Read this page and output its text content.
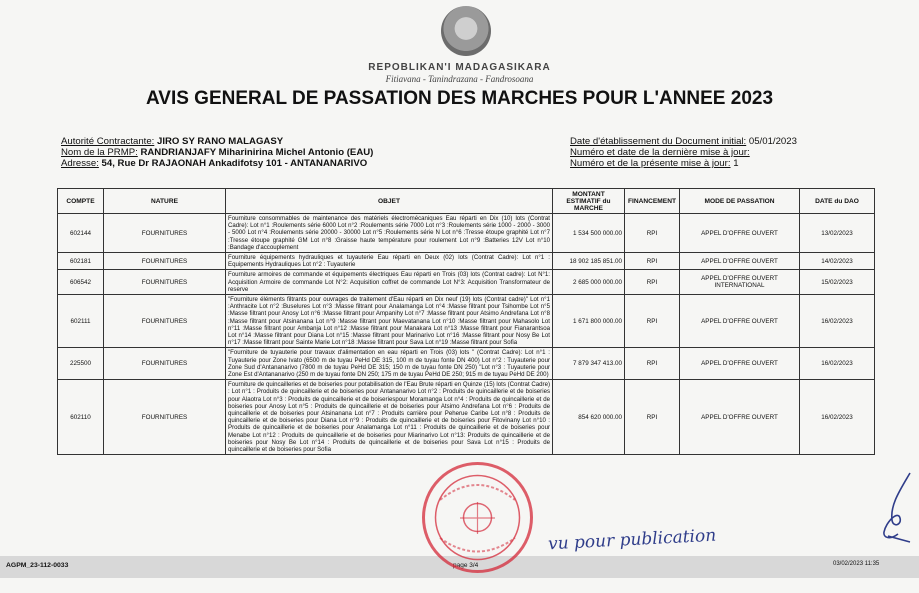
REPOBLIKAN'I MADAGASIKARA
Fitiavana - Tanindrazana - Fandrosoana
AVIS GENERAL DE PASSATION DES MARCHES POUR L'ANNEE 2023
Autorité Contractante: JIRO SY RANO MALAGASY
Nom de la PRMP: RANDRIANJAFY Miharinirina Michel Antonio (EAU)
Adresse: 54, Rue Dr RAJAONAH Ankadifotsy 101 - ANTANANARIVO
Date d'établissement du Document initial: 05/01/2023
Numéro et date de la dernière mise à jour:
Numéro et de la présente mise à jour: 1
COMPTE	NATURE	OBJET	MONTANT ESTIMATIF du MARCHE	FINANCEMENT	MODE DE PASSATION	DATE du DAO
602144	FOURNITURES	Fourniture consommables de maintenance des matériels électromécaniques Eau réparti en Dix (10) lots (Contrat Cadre): Lot n°1 :Roulements série 6000 Lot n°2 :Roulements série 7000 Lot n°3 :Roulements série 1000 - 2000 - 3000 - 5000 Lot n°4 :Roulements série 20000 - 30000 Lot n°5 :Roulements série N Lot n°6 :Tresse étoupe graphité Lot n°7 :Tresse étoupe graphité GM Lot n°8 :Graisse haute température pour roulement Lot n°9 :Batteries 12V Lot n°10 :Bandage d'accouplement	1 534 500 000.00	RPI	APPEL D'OFFRE OUVERT	13/02/2023
602181	FOURNITURES	Fourniture équipements hydrauliques et tuyauterie Eau réparti en Deux (02) lots (Contrat Cadre): Lot n°1 : Equipements Hydrauliques Lot n°2 : Tuyauterie	18 902 185 851.00	RPI	APPEL D'OFFRE OUVERT	14/02/2023
606542	FOURNITURES	Fourniture armoires de commande et équipements électriques Eau réparti en Trois (03) lots (Contrat cadre): Lot N°1: Acquisition Armoire de commande Lot N°2: Acquisition coffret de commande Lot N°3: Acquisition Transformateur de reserve	2 685 000 000.00	RPI	APPEL D'OFFRE OUVERT INTERNATIONAL	15/02/2023
602111	FOURNITURES	"Fourniture éléments filtrants pour ouvrages de traitement d'Eau réparti en Dix neuf (19) lots (Contrat cadre)" Lot n°1 :Anthracite Lot n°2 :Buselures Lot n°3 :Masse filtrant pour Analamanga Lot n°4 :Masse filtrant pour Tsihombe Lot n°5 :Masse filtrant pour Anosy Lot n°6 :Masse filtrant pour Ampanihy Lot n°7 :Masse filtrant pour Atsimo Andrefana Lot n°8 :Masse filtrant pour Atsinanana Lot n°9 :Masse filtrant pour Maevatanana Lot n°10 :Masse filtrant pour Mahasolo Lot n°11 :Masse filtrant pour Ambanja Lot n°12 :Masse filtrant pour Manakara Lot n°13 :Masse filtrant pour Fianarantsoa Lot n°14 :Masse filtrant pour Diana Lot n°15 :Masse filtrant pour Marinarivo Lot n°16 :Masse filtrant pour Nosy Be Lot n°17 :Masse filtrant pour Sainte Marie Lot n°18 :Masse filtrant pour Sava Lot n°19 :Masse filtrant pour Sofia	1 671 800 000.00	RPI	APPEL D'OFFRE OUVERT	16/02/2023
225500	FOURNITURES	"Fourniture de tuyauterie pour travaux d'alimentation en eau réparti en Trois (03) lots " (Contrat Cadre): Lot n°1 : Tuyauterie pour Zone Ivato (6500 m de tuyau PeHd DE 315, 100 m de tuyau fonte DN 400) Lot n°2 : Tuyauterie pour Zone Sud d'Antananarivo (7800 m de tuyau PeHd DE 315; 150 m de tuyau fonte DN 250) "Lot n°3 : Tuyauterie pour Zone Est d'Antananarivo (250 m de tuyau fonte DN 250; 175 m de tuyau PeHd DE 250; 915 m de tuyau PeHd DE 200)	7 879 347 413.00	RPI	APPEL D'OFFRE OUVERT	16/02/2023
602110	FOURNITURES	Fourniture de quincailleries et de boiseries pour potabilisation de l'Eau Brute réparti en Quinze (15) lots (Contrat Cadre) : Lot n°1 : Produits de quincaillerie et de boiseries pour Antananarivo Lot n°2 : Produits de quincaillerie et de boiseries pour Alaotra Lot n°3 : Produits de quincaillerie et de boiseriespour Moramanga Lot n°4 : Produits de quincaillerie et de boiseries pour Anosy Lot n°5 : Produits de quincaillerie et de boiseries pour Atsimo Andrefana Lot n°6 : Produits de quincaillerie et de boiseries pour Atsinanana Lot n°7 : Produits carrière pour Peherue Caribe Lot n°8 : Produits de quincaillerie et de boiseries pour Diana Lot n°9 : Produits de quincaillerie et de boiseries pour Fitovinany Lot n°10 : Produits de quincaillerie et de boiseries pour Analamanga Lot n°11 : Produits de quincaillerie et de boiseries pour Menabe Lot n°12 : Produits de quincaillerie et de boiseries pour Miarinarivo Lot n°13: Produits de quincaillerie et de boiseries pour Nosy Be Lot n°14 : Produits de quincaillerie et de boiseries pour Sava Lot n°15 : Produits de quincaillerie et de boiseries pour Sofia	854 620 000.00	RPI	APPEL D'OFFRE OUVERT	16/02/2023
AGPM_23-112-0033	page 3/4	03/02/2023 11:35
vu pour publication
